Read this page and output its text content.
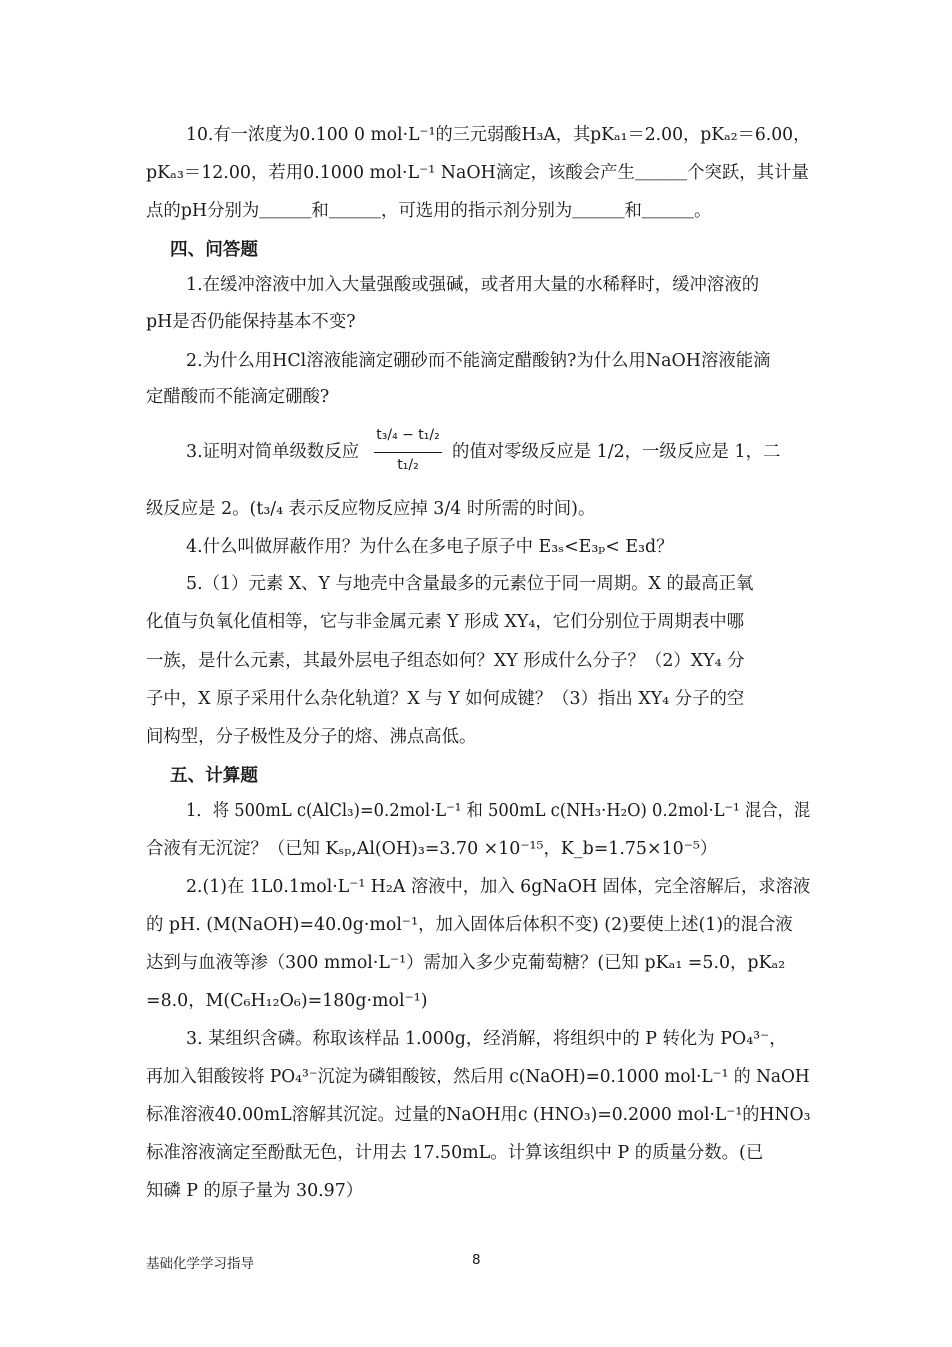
10.有一浓度为0.100 0 mol·L⁻¹的三元弱酸H₃A，其pKₐ₁＝2.00，pKₐ₂＝6.00，
pKₐ₃＝12.00，若用0.1000 mol·L⁻¹ NaOH滴定，该酸会产生＿＿＿个突跃，其计量
点的pH分别为＿＿＿和＿＿＿，可选用的指示剂分别为＿＿＿和＿＿＿。
四、问答题
1.在缓冲溶液中加入大量强酸或强碱，或者用大量的水稀释时，缓冲溶液的
pH是否仍能保持基本不变?
2.为什么用HCl溶液能滴定硼砂而不能滴定醋酸钠?为什么用NaOH溶液能滴
定醋酸而不能滴定硼酸?
3.证明对简单级数反应
t₃/₄ − t₁/₂
t₁/₂
的值对零级反应是 1/2，一级反应是 1，二
级反应是 2。(t₃/₄ 表示反应物反应掉 3/4 时所需的时间)。
4.什么叫做屏蔽作用？为什么在多电子原子中 E₃ₛ<E₃ₚ< E₃d？
5.（1）元素 X、Y 与地壳中含量最多的元素位于同一周期。X 的最高正氧
化值与负氧化值相等，它与非金属元素 Y 形成 XY₄，它们分别位于周期表中哪
一族，是什么元素，其最外层电子组态如何？XY 形成什么分子？（2）XY₄ 分
子中，X 原子采用什么杂化轨道？X 与 Y 如何成键？（3）指出 XY₄ 分子的空
间构型，分子极性及分子的熔、沸点高低。
五、计算题
1．将 500mL c(AlCl₃)=0.2mol·L⁻¹ 和 500mL c(NH₃·H₂O) 0.2mol·L⁻¹ 混合，混
合液有无沉淀？（已知 Kₛₚ,Al(OH)₃=3.70 ×10⁻¹⁵，K_b=1.75×10⁻⁵）
2.(1)在 1L0.1mol·L⁻¹ H₂A 溶液中，加入 6gNaOH 固体，完全溶解后，求溶液
的 pH. (M(NaOH)=40.0g·mol⁻¹，加入固体后体积不变) (2)要使上述(1)的混合液
达到与血液等渗（300 mmol·L⁻¹）需加入多少克葡萄糖？(已知 pKₐ₁ =5.0，pKₐ₂
=8.0，M(C₆H₁₂O₆)=180g·mol⁻¹)
3. 某组织含磷。称取该样品 1.000g，经消解，将组织中的 P 转化为 PO₄³⁻，
再加入钼酸铵将 PO₄³⁻沉淀为磷钼酸铵，然后用 c(NaOH)=0.1000 mol·L⁻¹ 的 NaOH
标准溶液40.00mL溶解其沉淀。过量的NaOH用c (HNO₃)=0.2000 mol·L⁻¹的HNO₃
标准溶液滴定至酚酞无色，计用去 17.50mL。计算该组织中 P 的质量分数。(已
知磷 P 的原子量为 30.97）
基础化学学习指导	8
